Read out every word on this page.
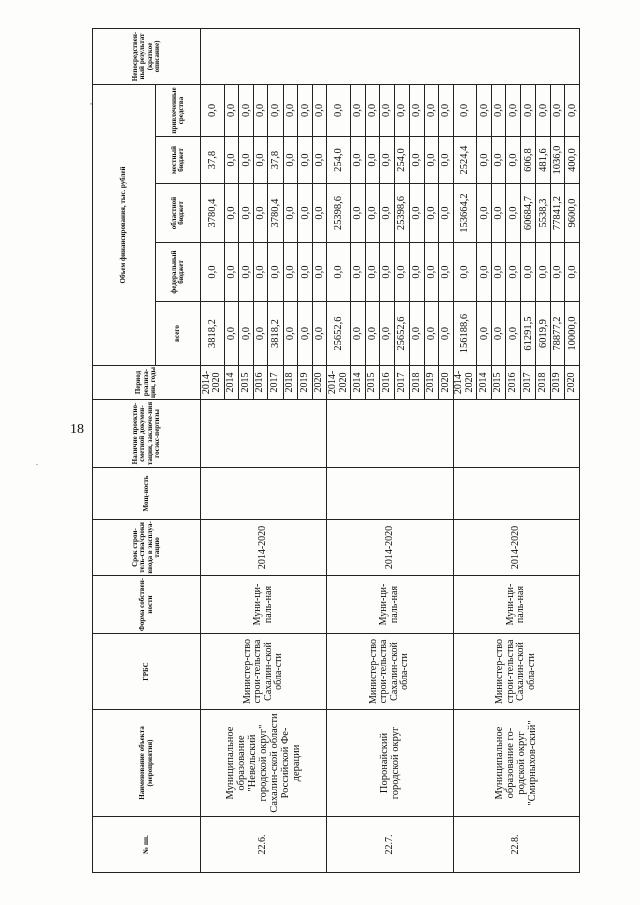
18
,
.
№ пп.	Наименование объекта (мероприятия)	ГРБС	Форма собствен-ности	Срок строи-тель-ства/сроки ввода в эксплуа-тацию	Мощ-ность	Наличие проектно-сметной докумен-тации, заключе-ния госэкс-пертизы	Период реализа-ции, годы	Объем финансирования, тыс. рублей					Непосредствен-ный результат (краткое описание)
								всего	федеральный бюджет	областной бюджет	местный бюджет	привлеченные средства	
22.6.	Муниципальное образование "Невельский городской округ" Сахалин-ской области Российской Фе-дерации	Министер-ство строи-тельства Сахалин-ской обла-сти	Муни-ци-паль-ная	2014-2020			2014-2020	3818,2	0,0	3780,4	37,8	0,0	
							2014	0,0	0,0	0,0	0,0	0,0	
							2015	0,0	0,0	0,0	0,0	0,0	
							2016	0,0	0,0	0,0	0,0	0,0	
							2017	3818,2	0,0	3780,4	37,8	0,0	
							2018	0,0	0,0	0,0	0,0	0,0	
							2019	0,0	0,0	0,0	0,0	0,0	
							2020	0,0	0,0	0,0	0,0	0,0	
22.7.	Поронайский городской округ	Министер-ство строи-тельства Сахалин-ской обла-сти	Муни-ци-паль-ная	2014-2020			2014-2020	25652,6	0,0	25398,6	254,0	0,0	
							2014	0,0	0,0	0,0	0,0	0,0	
							2015	0,0	0,0	0,0	0,0	0,0	
							2016	0,0	0,0	0,0	0,0	0,0	
							2017	25652,6	0,0	25398,6	254,0	0,0	
							2018	0,0	0,0	0,0	0,0	0,0	
							2019	0,0	0,0	0,0	0,0	0,0	
							2020	0,0	0,0	0,0	0,0	0,0	
22.8.	Муниципальное образование го-родской округ "Смирныхов-ский"	Министер-ство строи-тельства Сахалин-ской обла-сти	Муни-ци-паль-ная	2014-2020			2014-2020	156188,6	0,0	153664,2	2524,4	0,0	
							2014	0,0	0,0	0,0	0,0	0,0	
							2015	0,0	0,0	0,0	0,0	0,0	
							2016	0,0	0,0	0,0	0,0	0,0	
							2017	61291,5	0,0	60684,7	606,8	0,0	
							2018	6019,9	0,0	5538,3	481,6	0,0	
							2019	78877,2	0,0	77841,2	1036,0	0,0	
							2020	10000,0	0,0	9600,0	400,0	0,0	
